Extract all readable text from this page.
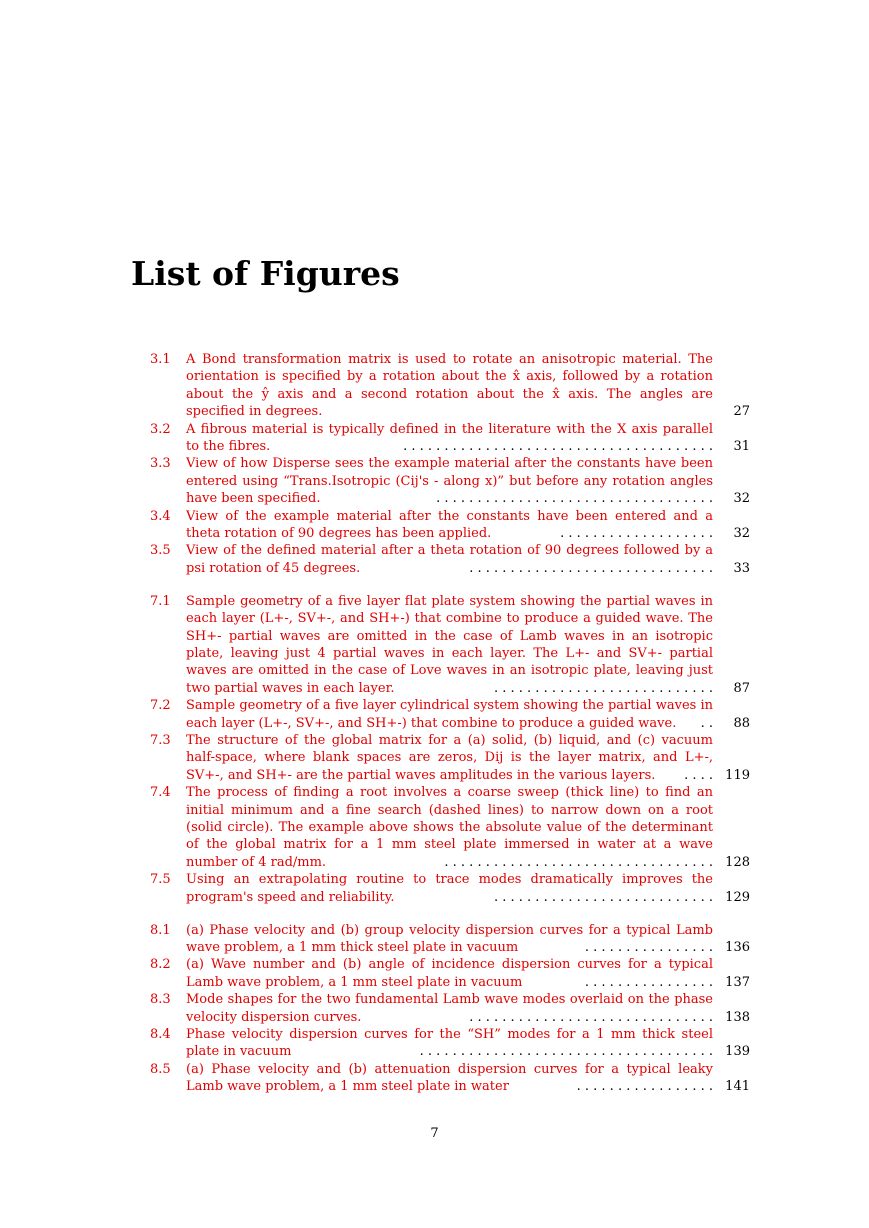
List of Figures
3.1	A Bond transformation matrix is used to rotate an anisotropic material. The orientation is specified by a rotation about the x̂ axis, followed by a rotation about the ŷ axis and a second rotation about the x̂ axis. The angles are specified in degrees.	27
3.2	A fibrous material is typically defined in the literature with the X axis parallel to the fibres.	. . . . . . . . . . . . . . . . . . . . . . . . . . . . . . . . . . . . . .	31
3.3	View of how Disperse sees the example material after the constants have been entered using “Trans.Isotropic (Cij's - along x)” but before any rotation angles have been specified.	. . . . . . . . . . . . . . . . . . . . . . . . . . . . . . . . . .	32
3.4	View of the example material after the constants have been entered and a theta rotation of 90 degrees has been applied.	. . . . . . . . . . . . . . . . . . .	32
3.5	View of the defined material after a theta rotation of 90 degrees followed by a psi rotation of 45 degrees.	. . . . . . . . . . . . . . . . . . . . . . . . . . . . . .	33
7.1	Sample geometry of a five layer flat plate system showing the partial waves in each layer (L+-, SV+-, and SH+-) that combine to produce a guided wave. The SH+- partial waves are omitted in the case of Lamb waves in an isotropic plate, leaving just 4 partial waves in each layer. The L+- and SV+- partial waves are omitted in the case of Love waves in an isotropic plate, leaving just two partial waves in each layer.	. . . . . . . . . . . . . . . . . . . . . . . . . . .	87
7.2	Sample geometry of a five layer cylindrical system showing the partial waves in each layer (L+-, SV+-, and SH+-) that combine to produce a guided wave.	. .	88
7.3	The structure of the global matrix for a (a) solid, (b) liquid, and (c) vacuum half-space, where blank spaces are zeros, Dij is the layer matrix, and L+-, SV+-, and SH+- are the partial waves amplitudes in the various layers.	. . . . 119
7.4	The process of finding a root involves a coarse sweep (thick line) to find an initial minimum and a fine search (dashed lines) to narrow down on a root (solid circle). The example above shows the absolute value of the determinant of the global matrix for a 1 mm steel plate immersed in water at a wave number of 4 rad/mm.	. . . . . . . . . . . . . . . . . . . . . . . . . . . . . . . . . 128
7.5	Using an extrapolating routine to trace modes dramatically improves the program's speed and reliability.	. . . . . . . . . . . . . . . . . . . . . . . . . . . 129
8.1	(a) Phase velocity and (b) group velocity dispersion curves for a typical Lamb wave problem, a 1 mm thick steel plate in vacuum	. . . . . . . . . . . . . . . . 136
8.2	(a) Wave number and (b) angle of incidence dispersion curves for a typical Lamb wave problem, a 1 mm steel plate in vacuum	. . . . . . . . . . . . . . . . 137
8.3	Mode shapes for the two fundamental Lamb wave modes overlaid on the phase velocity dispersion curves.	. . . . . . . . . . . . . . . . . . . . . . . . . . . . . . 138
8.4	Phase velocity dispersion curves for the “SH” modes for a 1 mm thick steel plate in vacuum	. . . . . . . . . . . . . . . . . . . . . . . . . . . . . . . . . . . . 139
8.5	(a) Phase velocity and (b) attenuation dispersion curves for a typical leaky Lamb wave problem, a 1 mm steel plate in water	. . . . . . . . . . . . . . . . . 141
7
